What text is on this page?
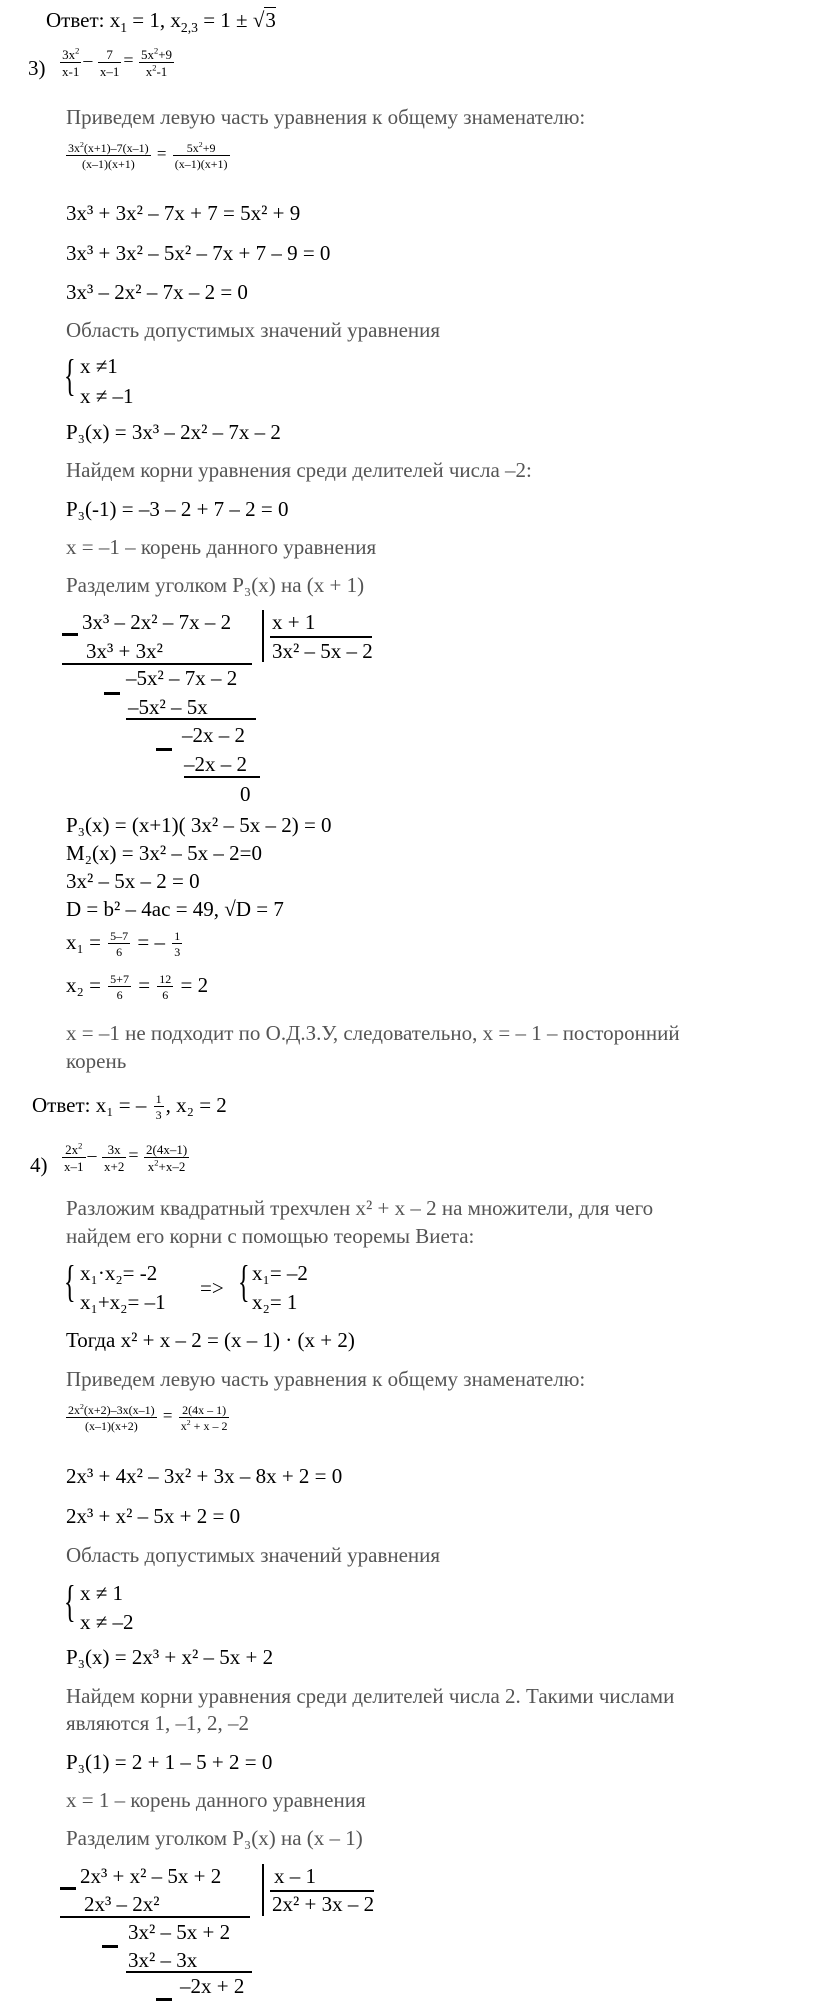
Ответ: $x_1 = 1$, $x_{2,3} = 1 \pm √3$
$3) \frac{3x^2}{x-1} - \frac{7}{x-1} = \frac{5x^2+9}{x^2-1}$
Приведем левую часть уравнения к общему знаменателю:
$\frac{3x^2(x+1)-7(x-1)}{(x-1)(x+1)} = \frac{5x^2+9}{(x-1)(x+1)}$
3x³ + 3x² – 7x + 7 = 5x² + 9
3x³ + 3x² – 5x² – 7x + 7 – 9 = 0
3x³ – 2x² – 7x – 2 = 0
Область допустимых значений уравнения
{ x ≠1
x ≠ –1
P₃(x) = 3x³ – 2x² – 7x – 2
Найдем корни уравнения среди делителей числа –2:
P₃(-1) = –3 – 2 + 7 – 2 = 0
x = –1 – корень данного уравнения
Разделим уголком P₃(x) на (x + 1)
3x³ – 2x² – 7x – 2
3x³ + 3x²
x + 1
3x² – 5x – 2
–5x² – 7x – 2
–5x² – 5x
–2x – 2
–2x – 2
0
P₃(x) = (x+1)( 3x² – 5x – 2) = 0
M₂(x) = 3x² – 5x – 2=0
3x² – 5x – 2 = 0
D = b² – 4ac = 49, √D = 7
$x_1 = \frac{5-7}{6}$ = – $\frac{1}{3}$
$x_2 = \frac{5+7}{6} = \frac{12}{6} = 2$
x = –1 не подходит по О.Д.З.У, следовательно, x = – 1 – посторонний
корень
Ответ: x₁ = – $\frac{1}{3}$ , x₂ = 2
$4) \frac{2x^2}{x-1} - \frac{3x}{x+2} = \frac{2(4x-1)}{x^2+x-2}$
Разложим квадратный трехчлен x² + x – 2 на множители, для чего
найдем его корни с помощью теоремы Виета:
{ x₁·x₂= -2
x₁+x₂= –1
=> { x₁= –2
x₂= 1
Тогда x² + x – 2 = (x – 1) · (x + 2)
Приведем левую часть уравнения к общему знаменателю:
$\frac{2x^2(x+2)-3x(x-1)}{(x-1)(x+2)} = \frac{2(4x - 1)}{x^2 + x - 2}$
2x³ + 4x² – 3x² + 3x – 8x + 2 = 0
2x³ + x² – 5x + 2 = 0
Область допустимых значений уравнения
{ x ≠ 1
x ≠ –2
P₃(x) = 2x³ + x² – 5x + 2
Найдем корни уравнения среди делителей числа 2. Такими числами
являются 1, –1, 2, –2
P₃(1) = 2 + 1 – 5 + 2 = 0
x = 1 – корень данного уравнения
Разделим уголком P₃(x) на (x – 1)
2x³ + x² – 5x + 2
2x³ – 2x²
x – 1
2x² + 3x – 2
3x² – 5x + 2
3x² – 3x
–2x + 2
